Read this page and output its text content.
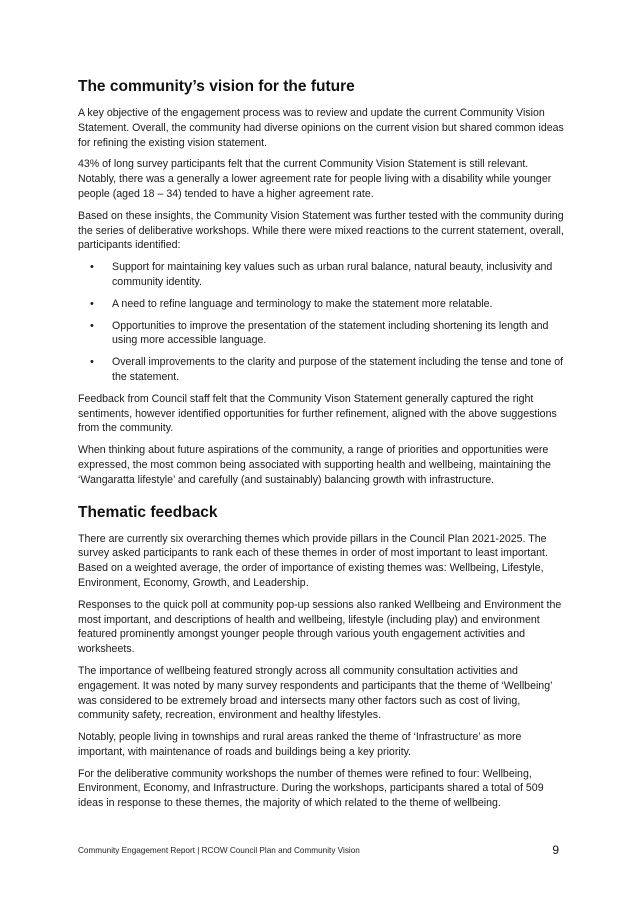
The community’s vision for the future

A key objective of the engagement process was to review and update the current Community Vision Statement. Overall, the community had diverse opinions on the current vision but shared common ideas for refining the existing vision statement.

43% of long survey participants felt that the current Community Vision Statement is still relevant. Notably, there was a generally a lower agreement rate for people living with a disability while younger people (aged 18 – 34) tended to have a higher agreement rate.

Based on these insights, the Community Vision Statement was further tested with the community during the series of deliberative workshops. While there were mixed reactions to the current statement, overall, participants identified:

• Support for maintaining key values such as urban rural balance, natural beauty, inclusivity and community identity.
• A need to refine language and terminology to make the statement more relatable.
• Opportunities to improve the presentation of the statement including shortening its length and using more accessible language.
• Overall improvements to the clarity and purpose of the statement including the tense and tone of the statement.

Feedback from Council staff felt that the Community Vison Statement generally captured the right sentiments, however identified opportunities for further refinement, aligned with the above suggestions from the community.

When thinking about future aspirations of the community, a range of priorities and opportunities were expressed, the most common being associated with supporting health and wellbeing, maintaining the ‘Wangaratta lifestyle’ and carefully (and sustainably) balancing growth with infrastructure.

Thematic feedback

There are currently six overarching themes which provide pillars in the Council Plan 2021-2025. The survey asked participants to rank each of these themes in order of most important to least important. Based on a weighted average, the order of importance of existing themes was: Wellbeing, Lifestyle, Environment, Economy, Growth, and Leadership.

Responses to the quick poll at community pop-up sessions also ranked Wellbeing and Environment the most important, and descriptions of health and wellbeing, lifestyle (including play) and environment featured prominently amongst younger people through various youth engagement activities and worksheets.

The importance of wellbeing featured strongly across all community consultation activities and engagement. It was noted by many survey respondents and participants that the theme of ‘Wellbeing’ was considered to be extremely broad and intersects many other factors such as cost of living, community safety, recreation, environment and healthy lifestyles.

Notably, people living in townships and rural areas ranked the theme of ‘Infrastructure’ as more important, with maintenance of roads and buildings being a key priority.

For the deliberative community workshops the number of themes were refined to four: Wellbeing, Environment, Economy, and Infrastructure. During the workshops, participants shared a total of 509 ideas in response to these themes, the majority of which related to the theme of wellbeing.

Community Engagement Report | RCOW Council Plan and Community Vision	9
